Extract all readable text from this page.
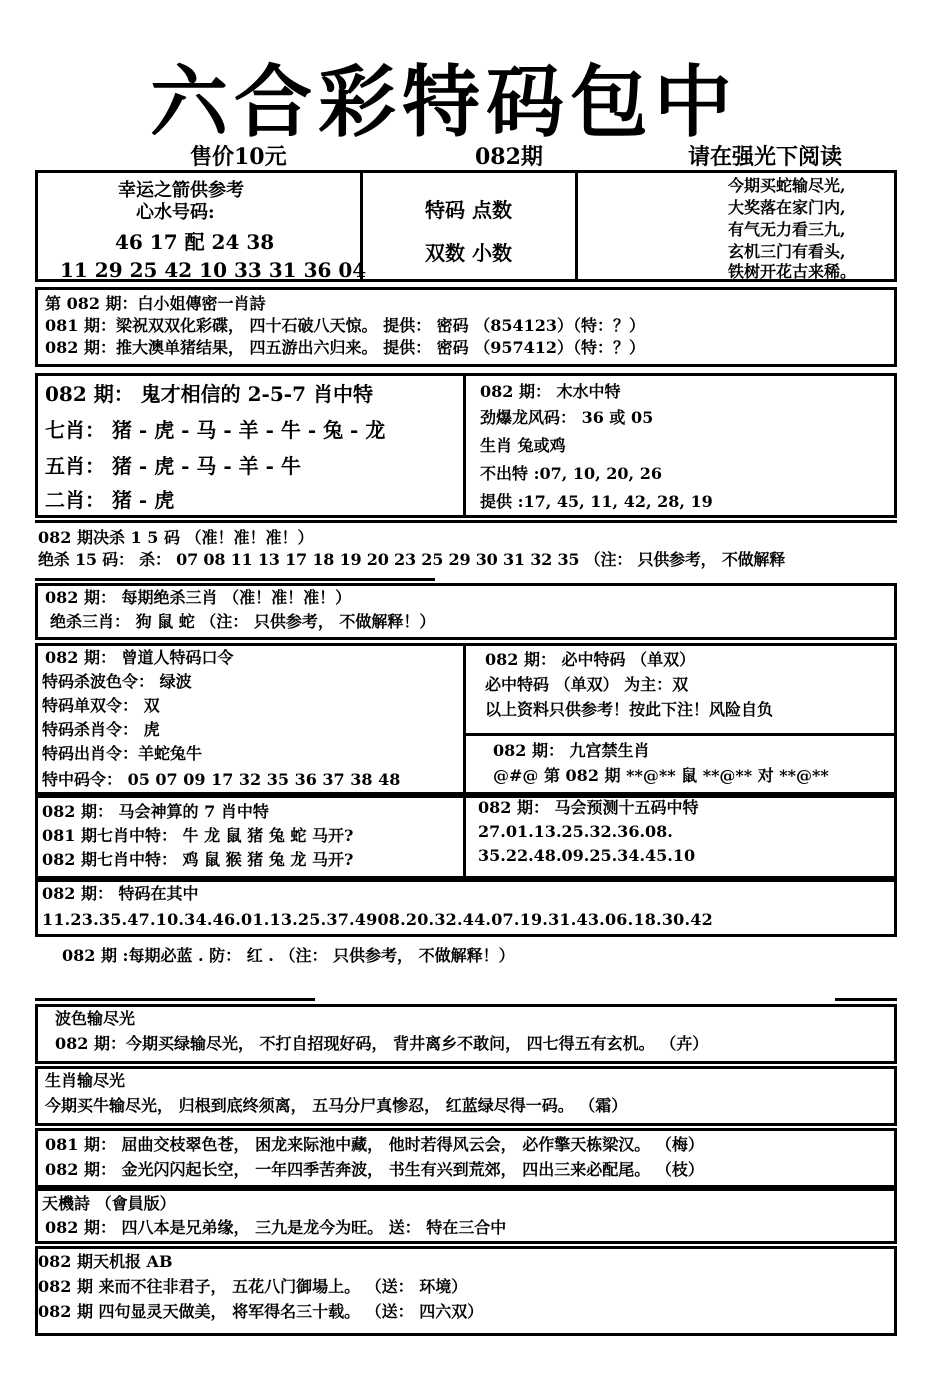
六合彩特码包中
售价10元	082期	请在强光下阅读
幸运之箭供参考
心水号码:
46 17 配 24 38
11 29 25 42 10 33 31 36 04
特码 点数
双数 小数
今期买蛇输尽光,
大奖落在家门内,
有气无力看三九,
玄机三门有看头,
铁树开花古来稀。
第 082 期：白小姐傳密一肖詩
081 期：梁祝双双化彩碟， 四十石破八天惊。 提供： 密码 （854123）（特：？）
082 期：推大澳单猪结果， 四五游出六归来。 提供： 密码 （957412）（特：？）
082 期： 鬼才相信的 2-5-7 肖中特
七肖： 猪 - 虎 - 马 - 羊 - 牛 - 兔 - 龙
五肖： 猪 - 虎 - 马 - 羊 - 牛
二肖： 猪 - 虎
082 期： 木水中特
劲爆龙风码： 36 或 05
生肖 兔或鸡
不出特 :07, 10, 20, 26
提供 :17, 45, 11, 42, 28, 19
082 期决杀 1 5 码 （准！准！准！）
绝杀 15 码： 杀： 07 08 11 13 17 18 19 20 23 25 29 30 31 32 35 （注： 只供参考， 不做解释
082 期： 每期绝杀三肖 （准！准！准！）
绝杀三肖： 狗 鼠 蛇 （注： 只供参考， 不做解释！）
082 期： 曾道人特码口令
特码杀波色令： 绿波
特码单双令： 双
特码杀肖令： 虎
特码出肖令：羊蛇兔牛
特中码令： 05 07 09 17 32 35 36 37 38 48
082 期： 必中特码 （单双）
必中特码 （单双） 为主：双
以上资料只供参考！按此下注！风险自负
082 期： 九宫禁生肖
@#@ 第 082 期 **@** 鼠 **@** 对 **@**
082 期： 马会神算的 7 肖中特
081 期七肖中特： 牛 龙 鼠 猪 兔 蛇 马开?
082 期七肖中特： 鸡 鼠 猴 猪 兔 龙 马开?
082 期： 马会预测十五码中特
27.01.13.25.32.36.08.
35.22.48.09.25.34.45.10
082 期： 特码在其中
11.23.35.47.10.34.46.01.13.25.37.4908.20.32.44.07.19.31.43.06.18.30.42
082 期 :每期必蓝 . 防： 红 . （注： 只供参考， 不做解释！）
波色输尽光
082 期：今期买绿输尽光， 不打自招现好码， 背井离乡不敢问， 四七得五有玄机。 （卉）
生肖输尽光
今期买牛输尽光， 归根到底终须离， 五马分尸真惨忍， 红蓝绿尽得一码。 （霜）
081 期： 屈曲交枝翠色苍， 困龙来际池中藏， 他时若得风云会， 必作擎天栋梁汉。 （梅）
082 期： 金光闪闪起长空， 一年四季苦奔波， 书生有兴到荒郊， 四出三来必配尾。 （枝）
天機詩 （會員版）
082 期： 四八本是兄弟缘， 三九是龙今为旺。 送： 特在三合中
082 期天机报 AB
082 期 来而不往非君子， 五花八门御場上。 （送： 环境）
082 期 四句显灵天做美， 将军得名三十载。 （送： 四六双）
